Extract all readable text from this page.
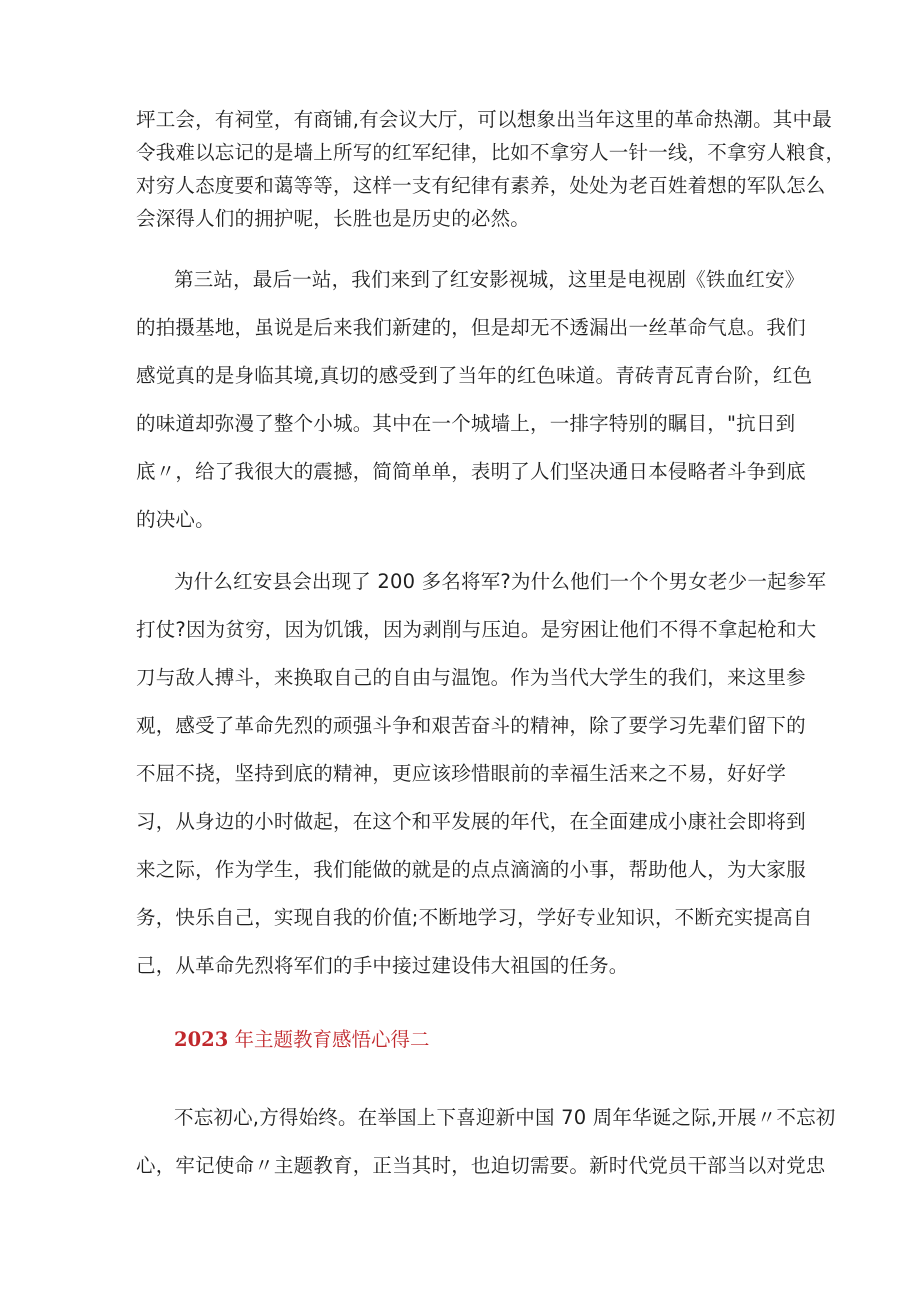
坪工会，有祠堂，有商铺,有会议大厅，可以想象出当年这里的革命热潮。其中最
令我难以忘记的是墙上所写的红军纪律，比如不拿穷人一针一线，不拿穷人粮食，
对穷人态度要和蔼等等，这样一支有纪律有素养，处处为老百姓着想的军队怎么
会深得人们的拥护呢，长胜也是历史的必然。
第三站，最后一站，我们来到了红安影视城，这里是电视剧《铁血红安》
的拍摄基地，虽说是后来我们新建的，但是却无不透漏出一丝革命气息。我们
感觉真的是身临其境,真切的感受到了当年的红色味道。青砖青瓦青台阶，红色
的味道却弥漫了整个小城。其中在一个城墙上，一排字特别的瞩目，"抗日到
底〃，给了我很大的震撼，简简单单，表明了人们坚决通日本侵略者斗争到底
的决心。
为什么红安县会出现了 200 多名将军?为什么他们一个个男女老少一起参军
打仗?因为贫穷，因为饥饿，因为剥削与压迫。是穷困让他们不得不拿起枪和大
刀与敌人搏斗，来换取自己的自由与温饱。作为当代大学生的我们，来这里参
观，感受了革命先烈的顽强斗争和艰苦奋斗的精神，除了要学习先辈们留下的
不屈不挠，坚持到底的精神，更应该珍惜眼前的幸福生活来之不易，好好学
习，从身边的小时做起，在这个和平发展的年代，在全面建成小康社会即将到
来之际，作为学生，我们能做的就是的点点滴滴的小事，帮助他人，为大家服
务，快乐自己，实现自我的价值;不断地学习，学好专业知识，不断充实提高自
己，从革命先烈将军们的手中接过建设伟大祖国的任务。
2023 年主题教育感悟心得二
不忘初心,方得始终。在举国上下喜迎新中国 70 周年华诞之际,开展〃不忘初
心，牢记使命〃主题教育，正当其时，也迫切需要。新时代党员干部当以对党忠
